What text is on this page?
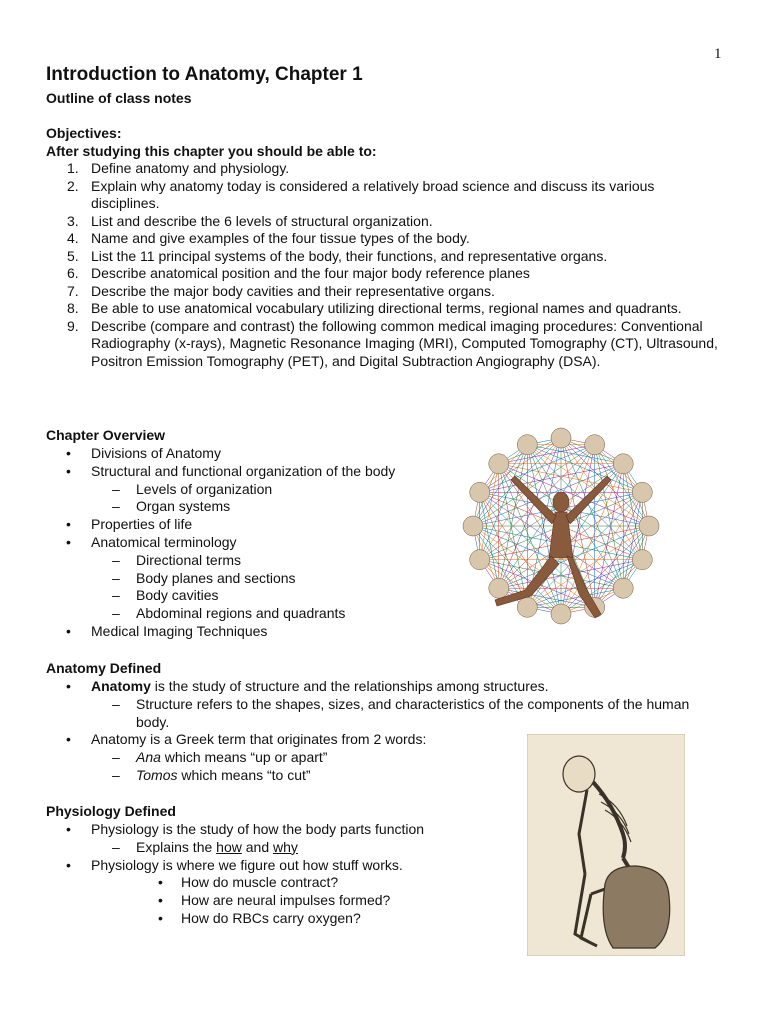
1
Introduction to Anatomy, Chapter 1
Outline of class notes
Objectives:
After studying this chapter you should be able to:
1. Define anatomy and physiology.
2. Explain why anatomy today is considered a relatively broad science and discuss its various disciplines.
3. List and describe the 6 levels of structural organization.
4. Name and give examples of the four tissue types of the body.
5. List the 11 principal systems of the body, their functions, and representative organs.
6. Describe anatomical position and the four major body reference planes
7. Describe the major body cavities and their representative organs.
8. Be able to use anatomical vocabulary utilizing directional terms, regional names and quadrants.
9. Describe (compare and contrast) the following common medical imaging procedures: Conventional Radiography (x-rays), Magnetic Resonance Imaging (MRI), Computed Tomography (CT), Ultrasound, Positron Emission Tomography (PET), and Digital Subtraction Angiography (DSA).
Chapter Overview
• Divisions of Anatomy
• Structural and functional organization of the body
– Levels of organization
– Organ systems
• Properties of life
• Anatomical terminology
– Directional terms
– Body planes and sections
– Body cavities
– Abdominal regions and quadrants
• Medical Imaging Techniques
Anatomy Defined
• Anatomy is the study of structure and the relationships among structures.
– Structure refers to the shapes, sizes, and characteristics of the components of the human body.
• Anatomy is a Greek term that originates from 2 words:
– Ana which means “up or apart”
– Tomos which means “to cut”
Physiology Defined
• Physiology is the study of how the body parts function
– Explains the how and why
• Physiology is where we figure out how stuff works.
• How do muscle contract?
• How are neural impulses formed?
• How do RBCs carry oxygen?
